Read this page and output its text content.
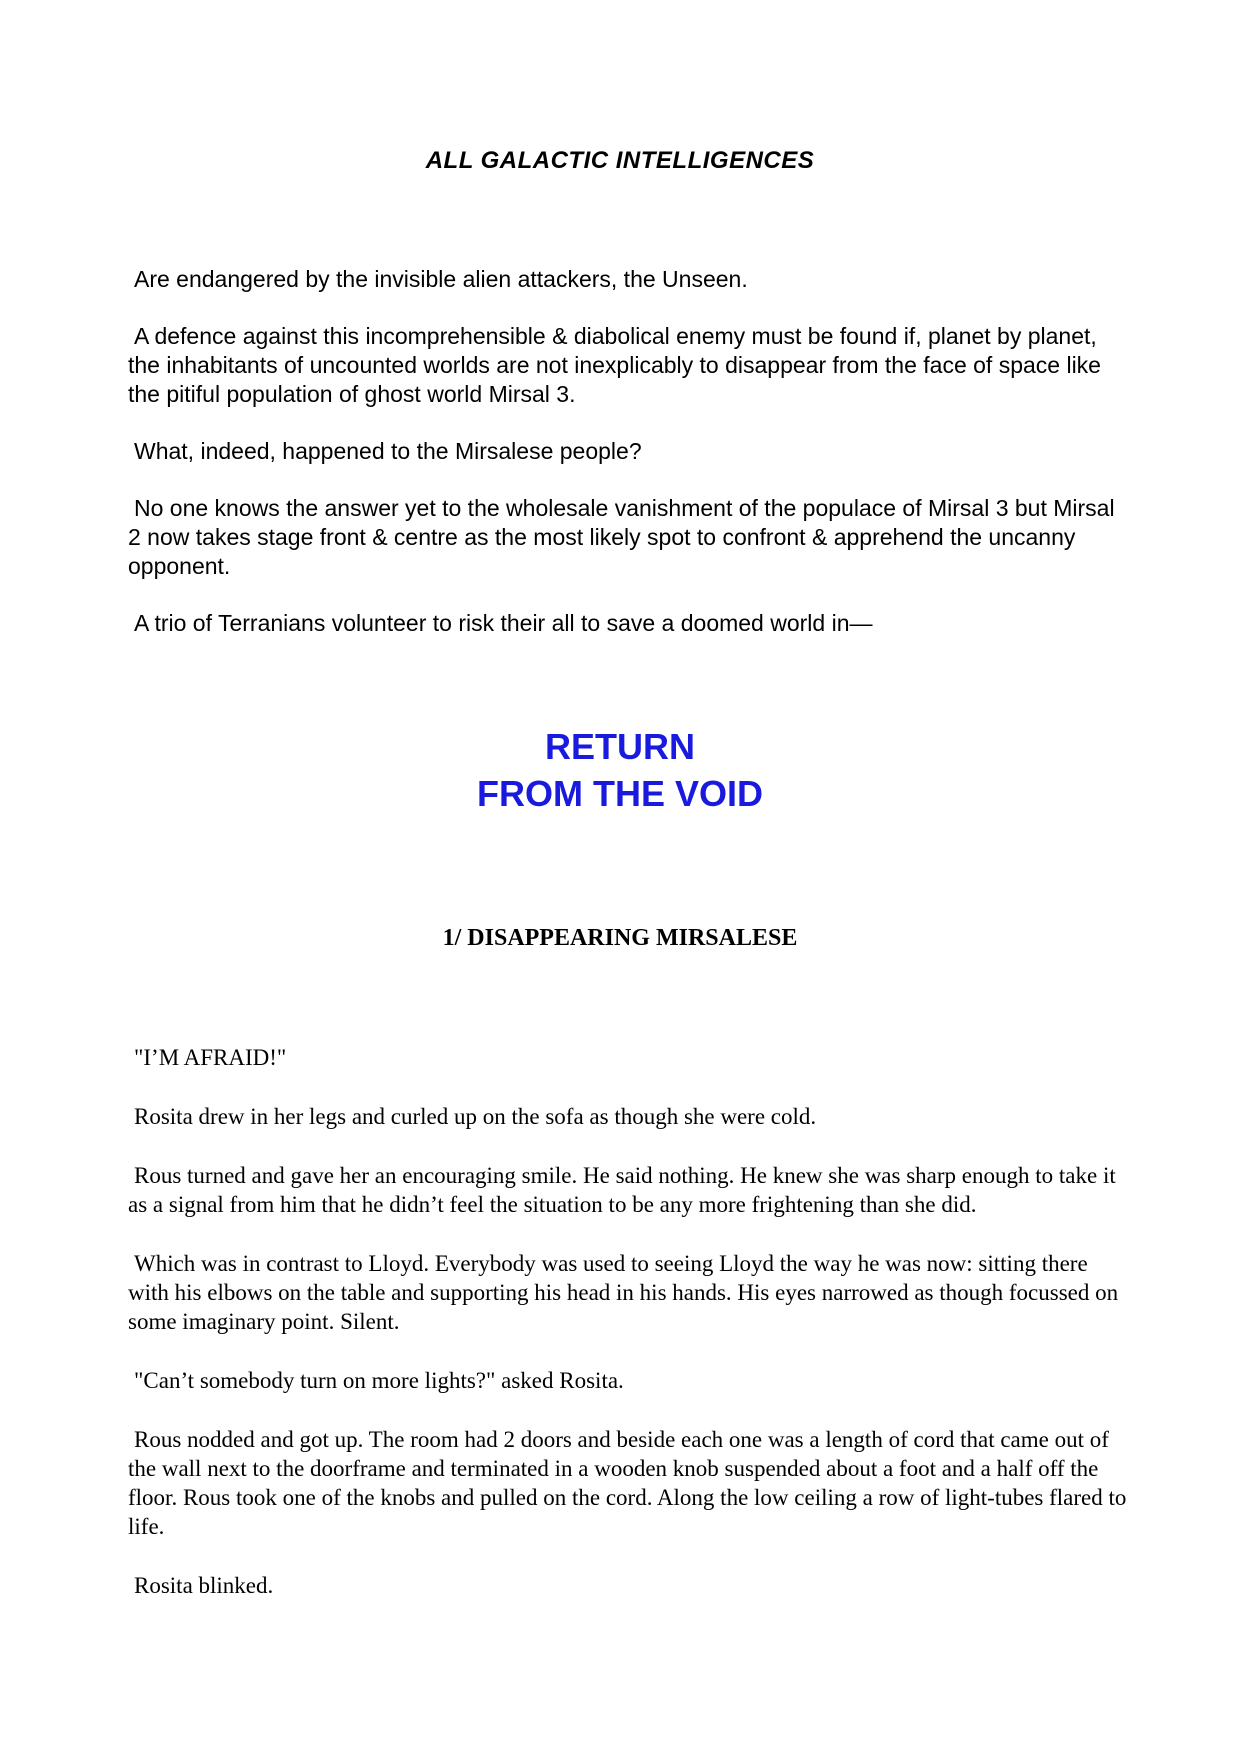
ALL GALACTIC INTELLIGENCES

Are endangered by the invisible alien attackers, the Unseen.

A defence against this incomprehensible & diabolical enemy must be found if, planet by planet, the inhabitants of uncounted worlds are not inexplicably to disappear from the face of space like the pitiful population of ghost world Mirsal 3.

What, indeed, happened to the Mirsalese people?

No one knows the answer yet to the wholesale vanishment of the populace of Mirsal 3 but Mirsal 2 now takes stage front & centre as the most likely spot to confront & apprehend the uncanny opponent.

A trio of Terranians volunteer to risk their all to save a doomed world in—

RETURN
FROM THE VOID
1/ DISAPPEARING MIRSALESE

"I’M AFRAID!"

Rosita drew in her legs and curled up on the sofa as though she were cold.

Rous turned and gave her an encouraging smile. He said nothing. He knew she was sharp enough to take it as a signal from him that he didn’t feel the situation to be any more frightening than she did.

Which was in contrast to Lloyd. Everybody was used to seeing Lloyd the way he was now: sitting there with his elbows on the table and supporting his head in his hands. His eyes narrowed as though focussed on some imaginary point. Silent.

"Can’t somebody turn on more lights?" asked Rosita.

Rous nodded and got up. The room had 2 doors and beside each one was a length of cord that came out of the wall next to the doorframe and terminated in a wooden knob suspended about a foot and a half off the floor. Rous took one of the knobs and pulled on the cord. Along the low ceiling a row of light-tubes flared to life.

Rosita blinked.
